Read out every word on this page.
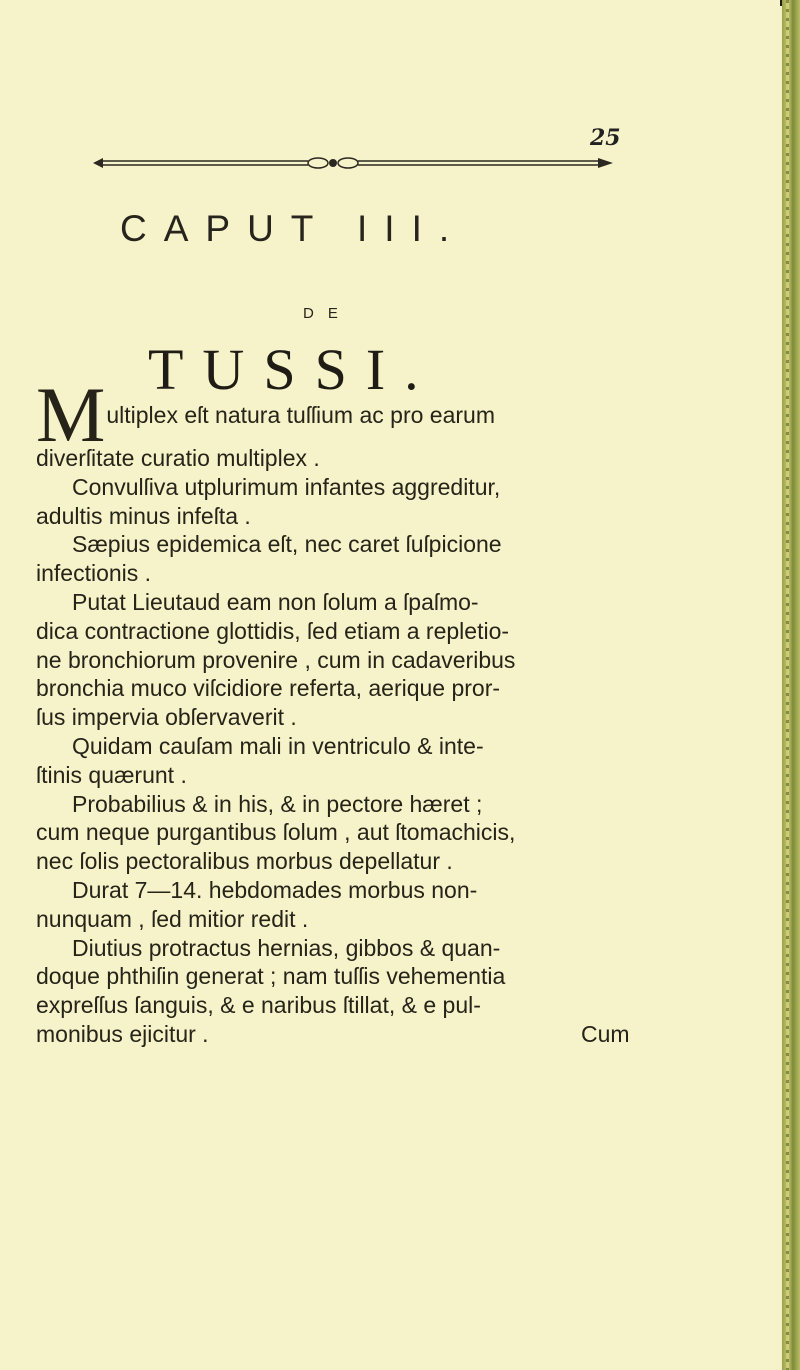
25
CAPUT III.
DE
TUSSI.
Multiplex eſt natura tuſſium ac pro earum
diverſitate curatio multiplex .
Convulſiva utplurimum infantes aggreditur,
adultis minus infeſta .
Sæpius epidemica eſt, nec caret ſuſpicione
infectionis .
Putat Lieutaud eam non ſolum a ſpaſmo-
dica contractione glottidis, ſed etiam a repletio-
ne bronchiorum provenire , cum in cadaveribus
bronchia muco viſcidiore referta, aerique pror-
ſus impervia obſervaverit .
Quidam cauſam mali in ventriculo & inte-
ſtinis quærunt .
Probabilius & in his, & in pectore hæret ;
cum neque purgantibus ſolum , aut ſtomachicis,
nec ſolis pectoralibus morbus depellatur .
Durat 7—14. hebdomades morbus non-
nunquam , ſed mitior redit .
Diutius protractus hernias, gibbos & quan-
doque phthiſin generat ; nam tuſſis vehementia
expreſſus ſanguis, & e naribus ſtillat, & e pul-
monibus ejicitur .	Cum
